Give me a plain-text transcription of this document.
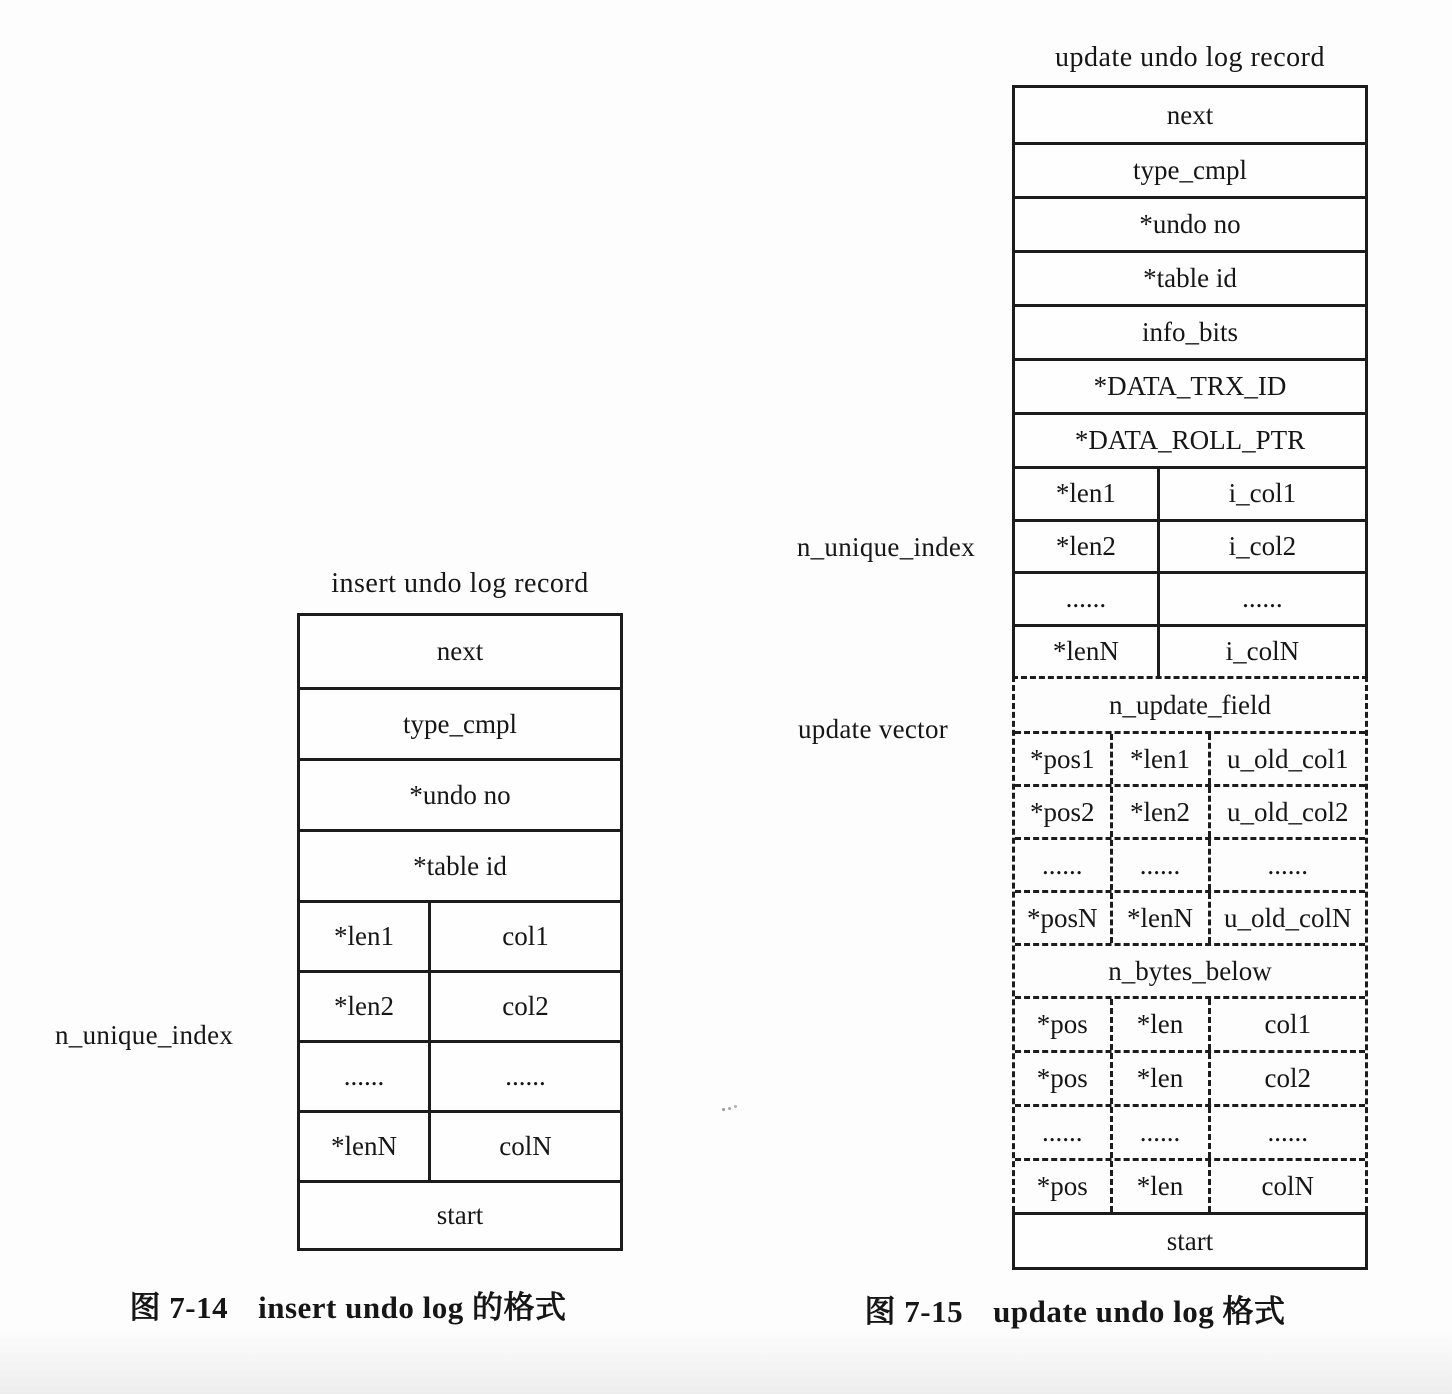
insert undo log record
next
type_cmpl
*undo no
*table id
*len1	col1
*len2	col2
......	......
*lenN	colN
start
n_unique_index
图 7-14 insert undo log 的格式
update undo log record
next
type_cmpl
*undo no
*table id
info_bits
*DATA_TRX_ID
*DATA_ROLL_PTR
*len1	i_col1
*len2	i_col2
......	......
*lenN	i_colN
n_update_field
*pos1	*len1	u_old_col1
*pos2	*len2	u_old_col2
......	......	......
*posN	*lenN	u_old_colN
n_bytes_below
*pos	*len	col1
*pos	*len	col2
......	......	......
*pos	*len	colN
start
n_unique_index
update vector
图 7-15 update undo log 格式
